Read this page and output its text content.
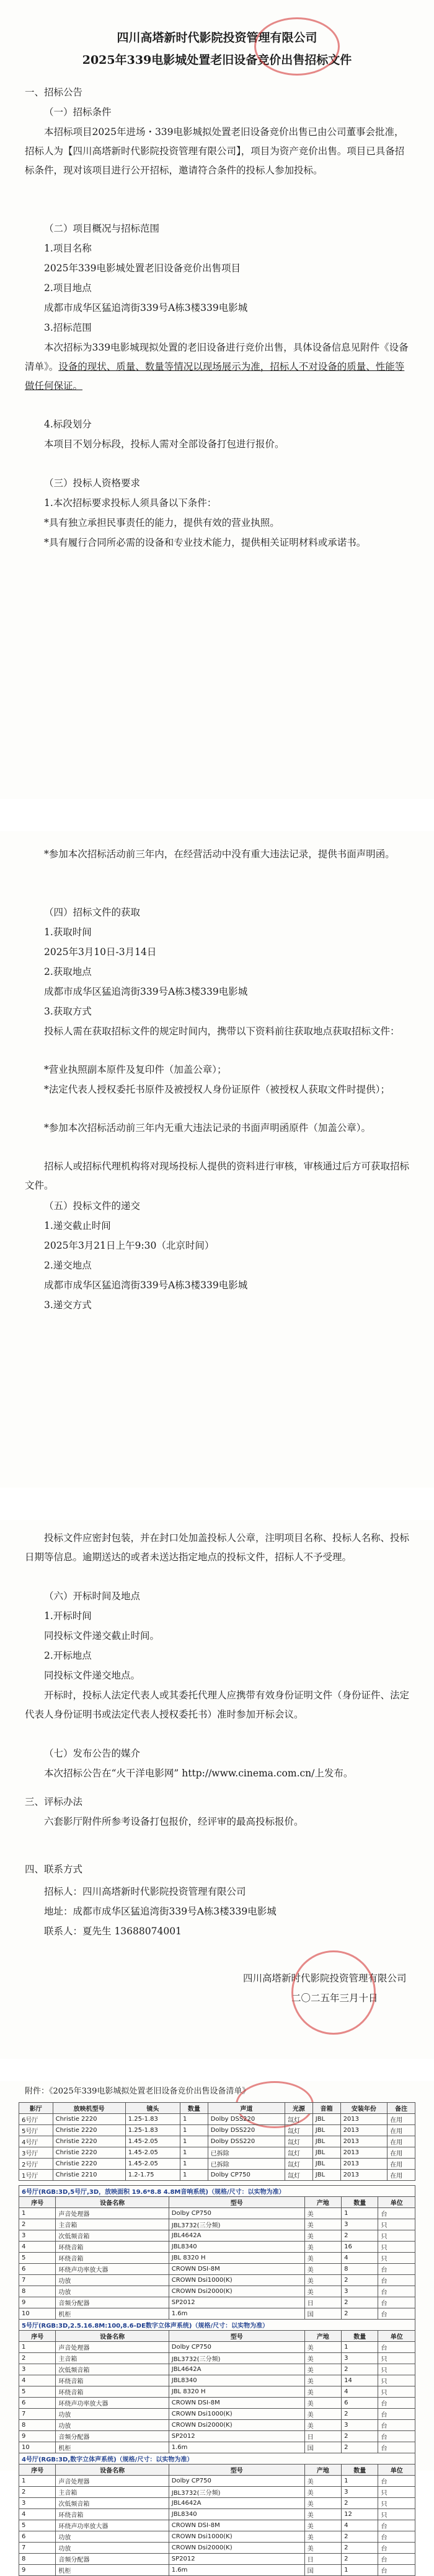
四川高塔新时代影院投资管理有限公司
2025年339电影城处置老旧设备竞价出售招标文件
一、招标公告
（一）招标条件
本招标项目2025年进场・339电影城拟处置老旧设备竞价出售已由公司董事会批准，招标人为【四川高塔新时代影院投资管理有限公司】，项目为资产竞价出售。项目已具备招标条件，现对该项目进行公开招标，邀请符合条件的投标人参加投标。
（二）项目概况与招标范围
1.项目名称
2025年339电影城处置老旧设备竞价出售项目
2.项目地点
成都市成华区猛追湾街339号A栋3楼339电影城
3.招标范围
本次招标为339电影城现拟处置的老旧设备进行竞价出售，具体设备信息见附件《设备清单》。设备的现状、质量、数量等情况以现场展示为准，招标人不对设备的质量、性能等做任何保证。
4.标段划分
本项目不划分标段，投标人需对全部设备打包进行报价。
（三）投标人资格要求
1.本次招标要求投标人须具备以下条件：
*具有独立承担民事责任的能力，提供有效的营业执照。
*具有履行合同所必需的设备和专业技术能力，提供相关证明材料或承诺书。
*参加本次招标活动前三年内，在经营活动中没有重大违法记录，提供书面声明函。
（四）招标文件的获取
1.获取时间
2025年3月10日-3月14日
2.获取地点
成都市成华区猛追湾街339号A栋3楼339电影城
3.获取方式
投标人需在获取招标文件的规定时间内，携带以下资料前往获取地点获取招标文件：
*营业执照副本原件及复印件（加盖公章）；
*法定代表人授权委托书原件及被授权人身份证原件（被授权人获取文件时提供）；
*参加本次招标活动前三年内无重大违法记录的书面声明函原件（加盖公章）。
招标人或招标代理机构将对现场投标人提供的资料进行审核，审核通过后方可获取招标文件。
（五）投标文件的递交
1.递交截止时间
2025年3月21日上午9:30（北京时间）
2.递交地点
成都市成华区猛追湾街339号A栋3楼339电影城
3.递交方式
投标文件应密封包装，并在封口处加盖投标人公章，注明项目名称、投标人名称、投标日期等信息。逾期送达的或者未送达指定地点的投标文件，招标人不予受理。
（六）开标时间及地点
1.开标时间
同投标文件递交截止时间。
2.开标地点
同投标文件递交地点。
开标时，投标人法定代表人或其委托代理人应携带有效身份证明文件（身份证件、法定代表人身份证明书或法定代表人授权委托书）准时参加开标会议。
（七）发布公告的媒介
本次招标公告在“火干洋电影网” http://www.cinema.com.cn/上发布。
三、评标办法
六套影厅附件所参考设备打包报价，经评审的最高投标报价。
四、联系方式
招标人：四川高塔新时代影院投资管理有限公司
地址：成都市成华区猛追湾街339号A栋3楼339电影城
联系人：夏先生 13688074001
四川高塔新时代影院投资管理有限公司
二〇二五年三月十日
附件：《2025年339电影城拟处置老旧设备竞价出售设备清单》
影厅	放映机型号	镜头	数量	声道	光源	音箱	安装年份	备注
6号厅	Christie 2220	1.25-1.83	1	Dolby DSS220	氙灯	JBL	2013	在用
5号厅	Christie 2220	1.25-1.83	1	Dolby DSS220	氙灯	JBL	2013	在用
4号厅	Christie 2220	1.45-2.05	1	Dolby DSS220	氙灯	JBL	2013	在用
3号厅	Christie 2220	1.45-2.05	1	已拆除	氙灯	JBL	2013	在用
2号厅	Christie 2220	1.45-2.05	1	已拆除	氙灯	JBL	2013	在用
1号厅	Christie 2210	1.2-1.75	1	Dolby CP750	氙灯	JBL	2013	在用
6号厅(RGB:3D,5号厅,3D，放映面积 19.6*8.8 4.8M音响系统)（规格/尺寸：以实物为准）					
序号	设备名称	型号	产地	数量	单位
1	声音处理器	Dolby CP750	美	1	台
2	主音箱	JBL3732(三分频)	美	3	只
3	次低频音箱	JBL4642A	美	2	只
4	环绕音箱	JBL8340	美	16	只
5	环绕音箱	JBL 8320 H	美	4	只
6	环绕声功率放大器	CROWN DSI-8M	美	8	台
7	功放	CROWN Dsi1000(K)	美	2	台
8	功放	CROWN Dsi2000(K)	美	3	台
9	音频分配器	SP2012	日	2	台
10	机柜	1.6m	国	2	台
5号厅(RGB:3D,2.5.16.8M:100,8.6-DE数字立体声系统)（规格/尺寸：以实物为准）					
序号	设备名称	型号	产地	数量	单位
1	声音处理器	Dolby CP750	美	1	台
2	主音箱	JBL3732(三分频)	美	3	只
3	次低频音箱	JBL4642A	美	2	只
4	环绕音箱	JBL8340	美	14	只
5	环绕音箱	JBL 8320 H	美	4	只
6	环绕声功率放大器	CROWN DSI-8M	美	6	台
7	功放	CROWN Dsi1000(K)	美	2	台
8	功放	CROWN Dsi2000(K)	美	3	台
9	音频分配器	SP2012	日	2	台
10	机柜	1.6m	国	2	台
4号厅(RGB:3D,数字立体声系统)（规格/尺寸：以实物为准）					
序号	设备名称	型号	产地	数量	单位
1	声音处理器	Dolby CP750	美	1	台
2	主音箱	JBL3732(三分频)	美	3	只
3	次低频音箱	JBL4642A	美	2	只
4	环绕音箱	JBL8340	美	12	只
5	环绕声功率放大器	CROWN DSI-8M	美	4	台
6	功放	CROWN Dsi1000(K)	美	2	台
7	功放	CROWN Dsi2000(K)	美	2	台
8	音频分配器	SP2012	日	2	台
9	机柜	1.6m	国	1	台
